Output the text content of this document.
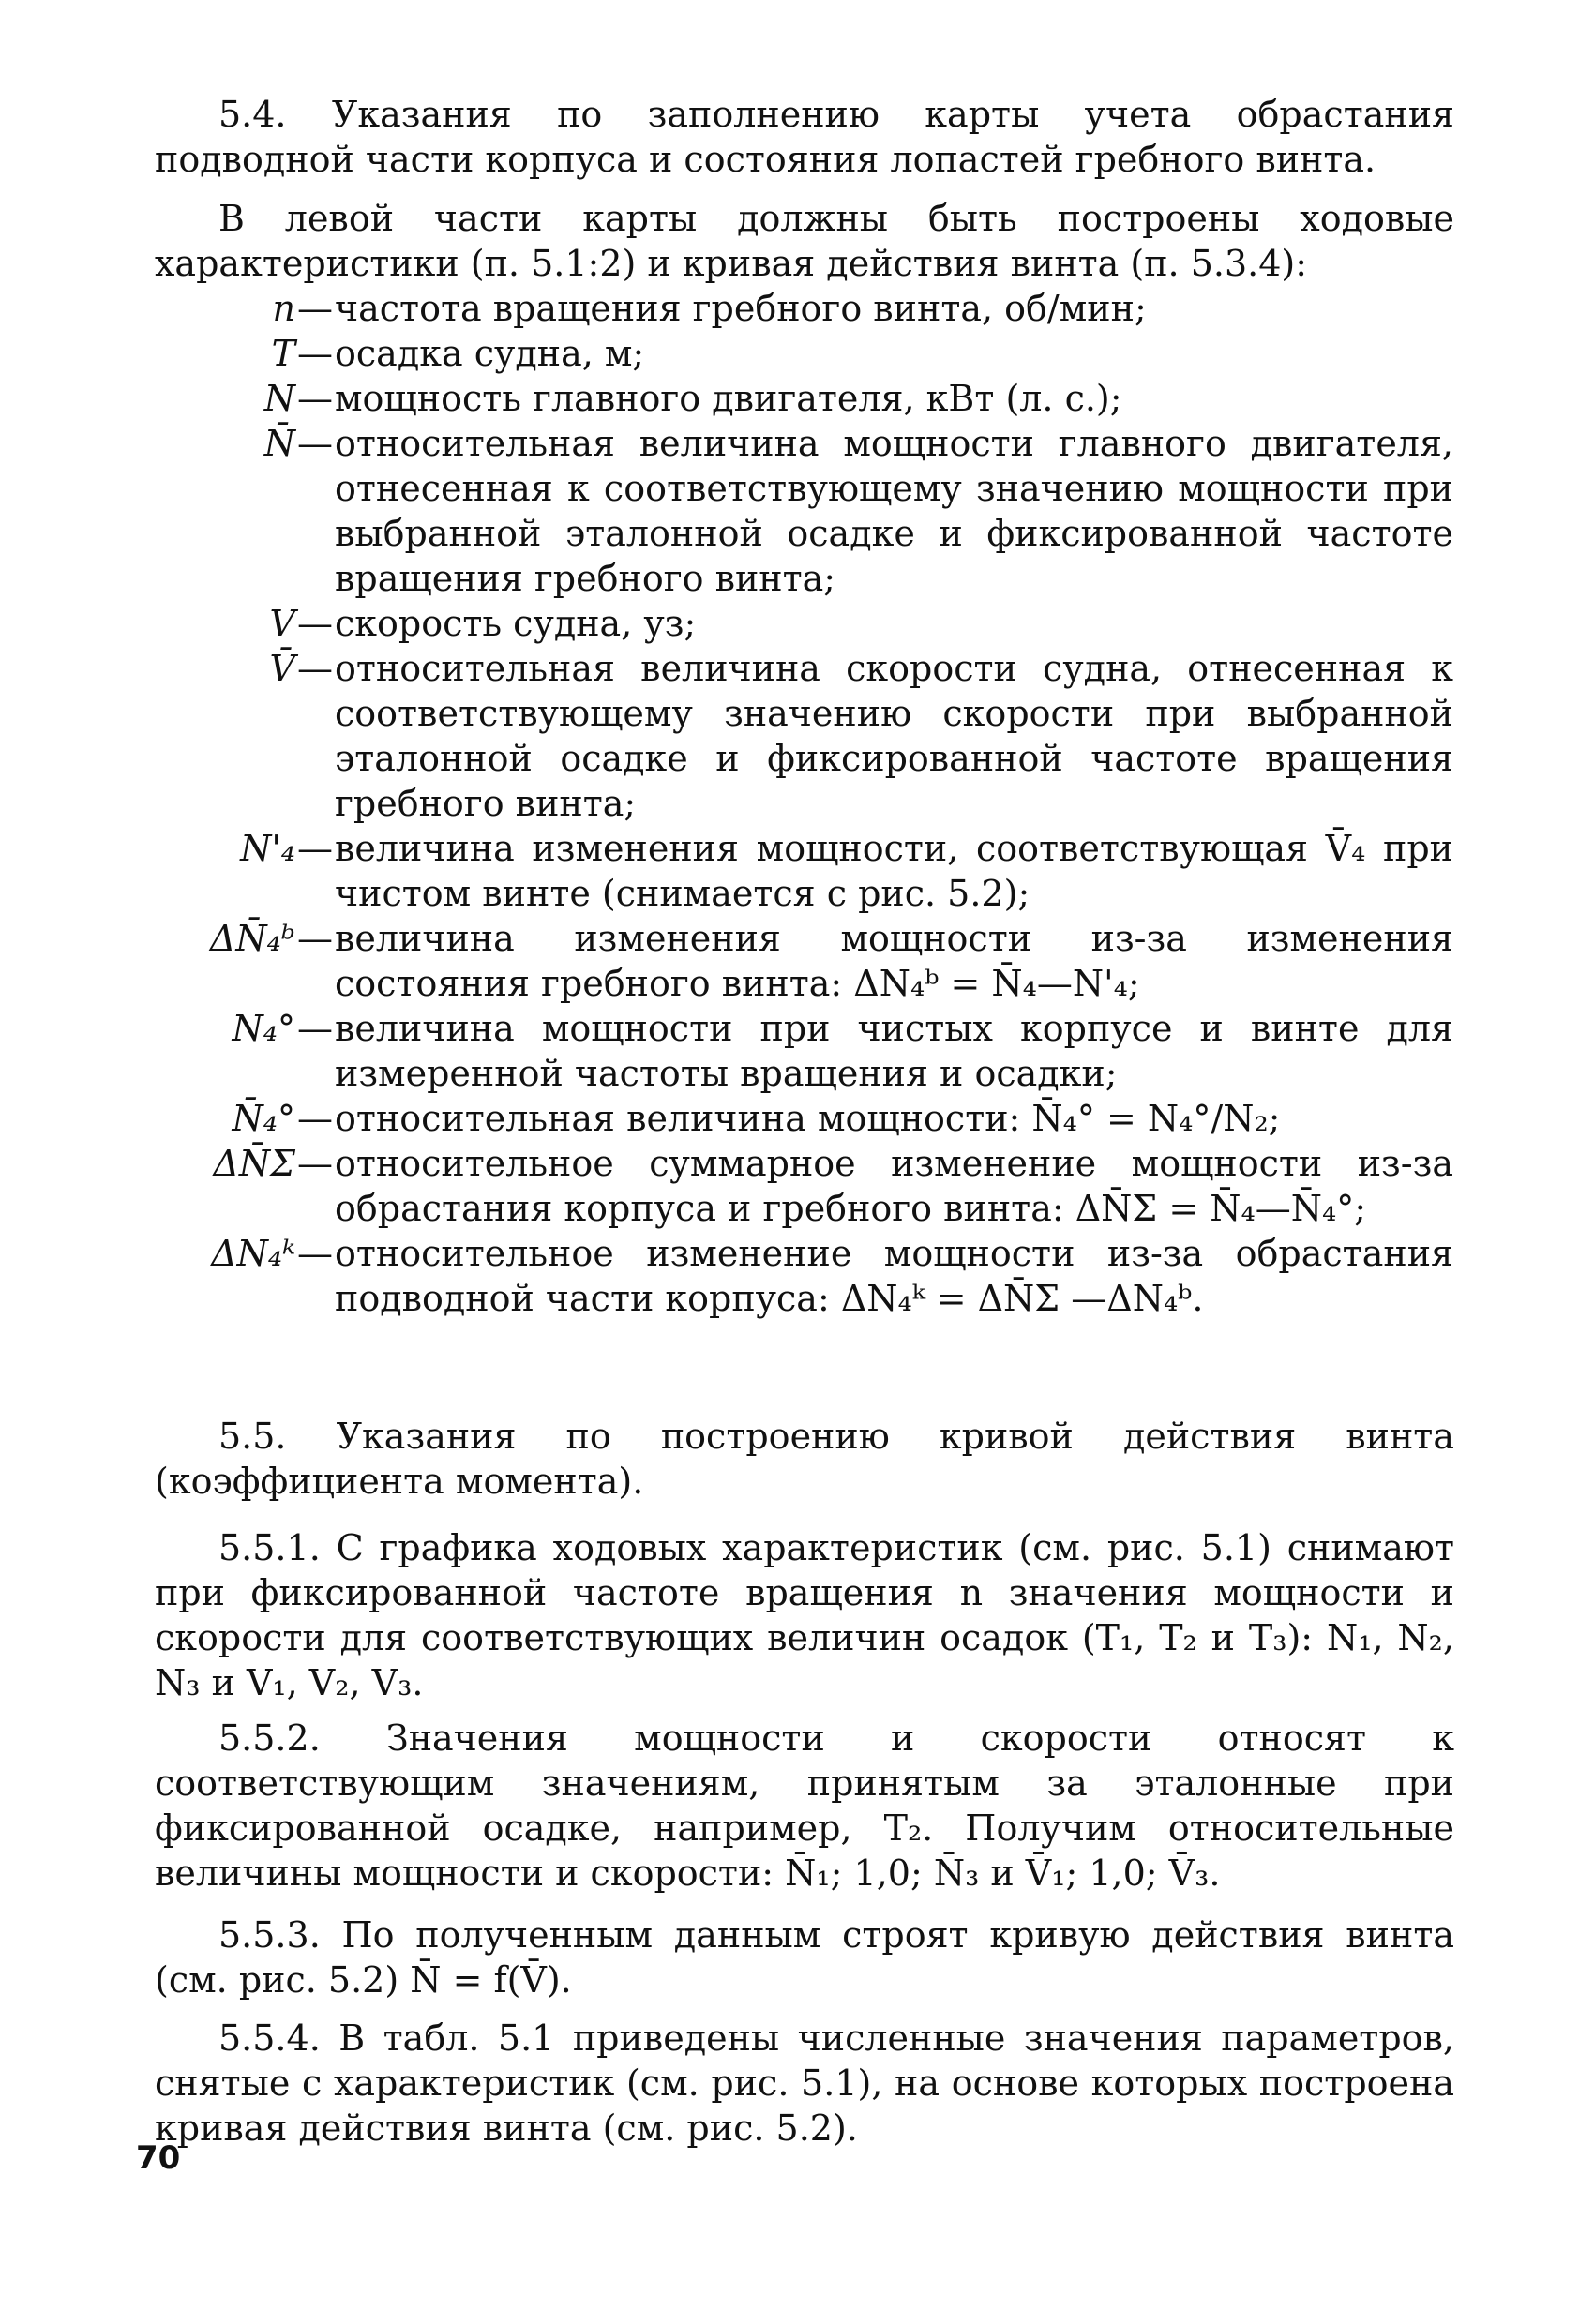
5.4. Указания по заполнению карты учета обрастания подводной части корпуса и состояния лопастей гребного винта.

В левой части карты должны быть построены ходовые характеристики (п. 5.1:2) и кривая действия винта (п. 5.3.4):

n — частота вращения гребного винта, об/мин;
T — осадка судна, м;
N — мощность главного двигателя, кВт (л. с.);
N̄ — относительная величина мощности главного двигателя, отнесенная к соответствующему значению мощности при выбранной эталонной осадке и фиксированной частоте вращения гребного винта;
V — скорость судна, уз;
V̄ — относительная величина скорости судна, отнесенная к соответствующему значению скорости при выбранной эталонной осадке и фиксированной частоте вращения гребного винта;
N'₄ — величина изменения мощности, соответствующая V̄₄ при чистом винте (снимается с рис. 5.2);
ΔN̄₄ᵇ — величина изменения мощности из-за изменения состояния гребного винта: ΔN₄ᵇ = N̄₄—N'₄;
N₄° — величина мощности при чистых корпусе и винте для измеренной частоты вращения и осадки;
N̄₄° — относительная величина мощности: N̄₄° = N₄°/N₂;
ΔN̄Σ — относительное суммарное изменение мощности из-за обрастания корпуса и гребного винта: ΔN̄Σ = N̄₄—N̄₄°;
ΔN₄ᵏ — относительное изменение мощности из-за обрастания подводной части корпуса: ΔN₄ᵏ = ΔN̄Σ —ΔN₄ᵇ.

5.5. Указания по построению кривой действия винта (коэффициента момента).

5.5.1. С графика ходовых характеристик (см. рис. 5.1) снимают при фиксированной частоте вращения n значения мощности и скорости для соответствующих величин осадок (T₁, T₂ и T₃): N₁, N₂, N₃ и V₁, V₂, V₃.

5.5.2. Значения мощности и скорости относят к соответствующим значениям, принятым за эталонные при фиксированной осадке, например, T₂. Получим относительные величины мощности и скорости: N̄₁; 1,0; N̄₃ и V̄₁; 1,0; V̄₃.

5.5.3. По полученным данным строят кривую действия винта (см. рис. 5.2) N̄ = f(V̄).

5.5.4. В табл. 5.1 приведены численные значения параметров, снятые с характеристик (см. рис. 5.1), на основе которых построена кривая действия винта (см. рис. 5.2).

70
